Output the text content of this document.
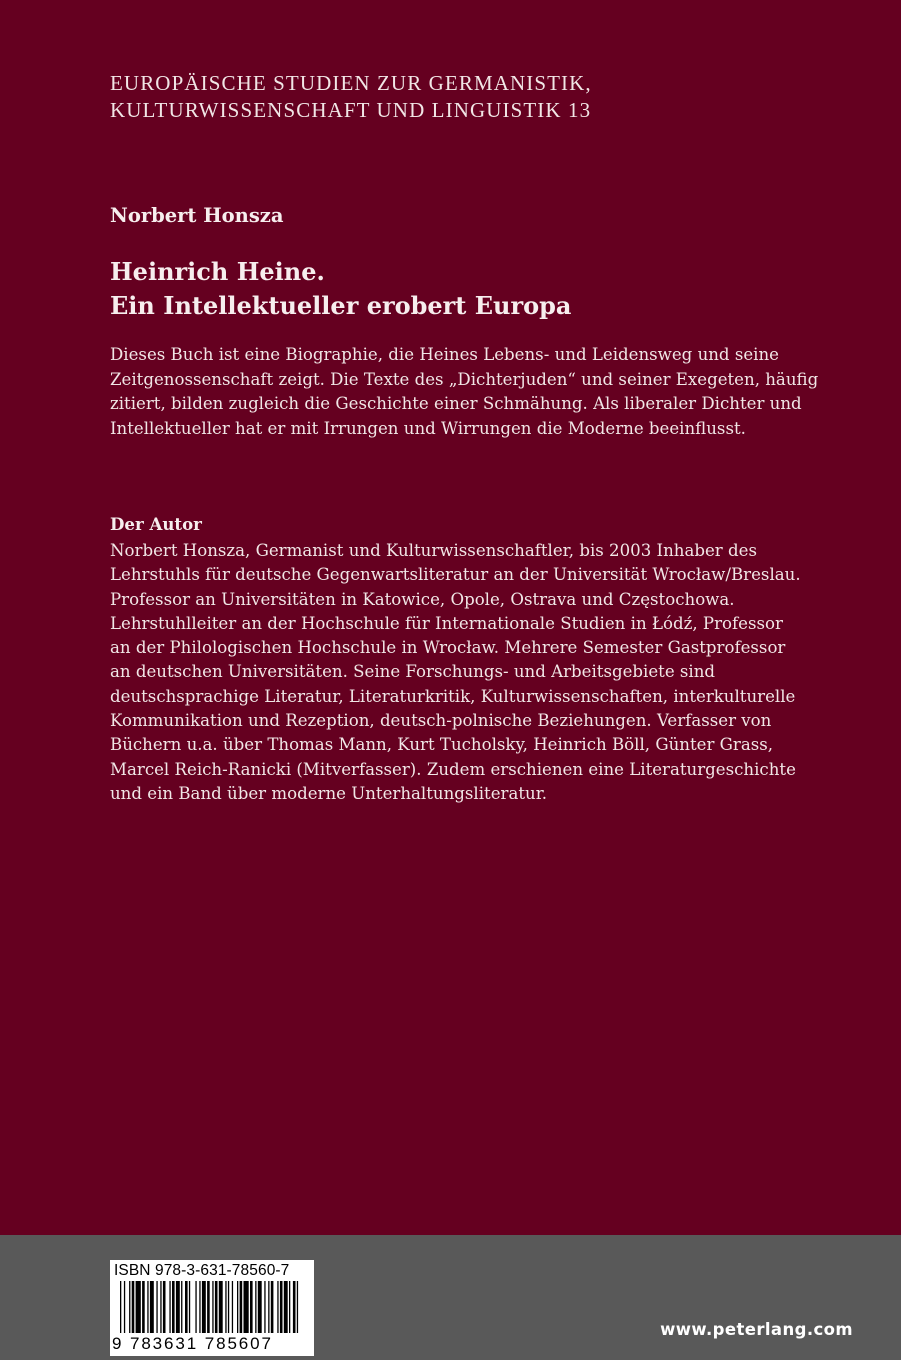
EUROPÄISCHE STUDIEN ZUR GERMANISTIK,
KULTURWISSENSCHAFT UND LINGUISTIK 13
Norbert Honsza
Heinrich Heine.
Ein Intellektueller erobert Europa
Dieses Buch ist eine Biographie, die Heines Lebens- und Leidensweg und seine
Zeitgenossenschaft zeigt. Die Texte des „Dichterjuden“ und seiner Exegeten, häufig
zitiert, bilden zugleich die Geschichte einer Schmähung. Als liberaler Dichter und
Intellektueller hat er mit Irrungen und Wirrungen die Moderne beeinflusst.
Der Autor
Norbert Honsza, Germanist und Kulturwissenschaftler, bis 2003 Inhaber des
Lehrstuhls für deutsche Gegenwartsliteratur an der Universität Wrocław/Breslau.
Professor an Universitäten in Katowice, Opole, Ostrava und Częstochowa.
Lehrstuhlleiter an der Hochschule für Internationale Studien in Łódź, Professor
an der Philologischen Hochschule in Wrocław. Mehrere Semester Gastprofessor
an deutschen Universitäten. Seine Forschungs- und Arbeitsgebiete sind
deutschsprachige Literatur, Literaturkritik, Kulturwissenschaften, interkulturelle
Kommunikation und Rezeption, deutsch-polnische Beziehungen. Verfasser von
Büchern u.a. über Thomas Mann, Kurt Tucholsky, Heinrich Böll, Günter Grass,
Marcel Reich-Ranicki (Mitverfasser). Zudem erschienen eine Literaturgeschichte
und ein Band über moderne Unterhaltungsliteratur.
ISBN 978-3-631-78560-7
9 783631 785607
www.peterlang.com
